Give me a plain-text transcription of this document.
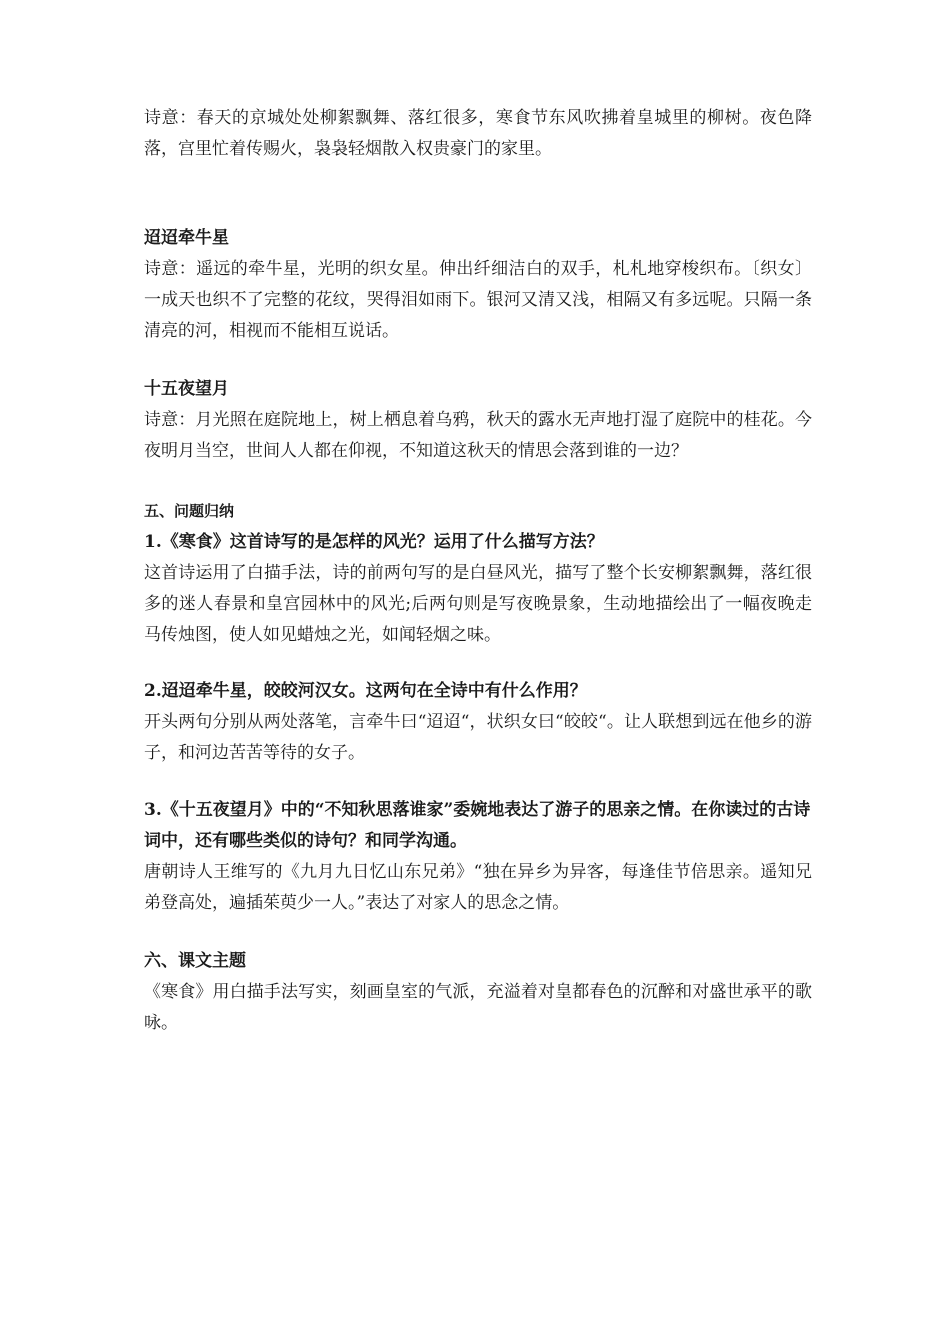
诗意：春天的京城处处柳絮飘舞、落红很多，寒食节东风吹拂着皇城里的柳树。夜色降落，宫里忙着传赐火，袅袅轻烟散入权贵豪门的家里。

迢迢牵牛星

诗意：遥远的牵牛星，光明的织女星。伸出纤细洁白的双手，札札地穿梭织布。〔织女〕一成天也织不了完整的花纹，哭得泪如雨下。银河又清又浅，相隔又有多远呢。只隔一条清亮的河，相视而不能相互说话。

十五夜望月

诗意：月光照在庭院地上，树上栖息着乌鸦，秋天的露水无声地打湿了庭院中的桂花。今夜明月当空，世间人人都在仰视，不知道这秋天的情思会落到谁的一边？

五、问题归纳

1.《寒食》这首诗写的是怎样的风光？运用了什么描写方法？

这首诗运用了白描手法，诗的前两句写的是白昼风光，描写了整个长安柳絮飘舞，落红很多的迷人春景和皇宫园林中的风光;后两句则是写夜晚景象，生动地描绘出了一幅夜晚走马传烛图，使人如见蜡烛之光，如闻轻烟之味。

2.迢迢牵牛星，皎皎河汉女。这两句在全诗中有什么作用？

开头两句分别从两处落笔，言牵牛曰“迢迢“，状织女曰“皎皎“。让人联想到远在他乡的游子，和河边苦苦等待的女子。

3.《十五夜望月》中的“不知秋思落谁家”委婉地表达了游子的思亲之情。在你读过的古诗词中，还有哪些类似的诗句？和同学沟通。

唐朝诗人王维写的《九月九日忆山东兄弟》“独在异乡为异客，每逢佳节倍思亲。遥知兄弟登高处，遍插茱萸少一人。”表达了对家人的思念之情。

六、课文主题

《寒食》用白描手法写实，刻画皇室的气派，充溢着对皇都春色的沉醉和对盛世承平的歌咏。
